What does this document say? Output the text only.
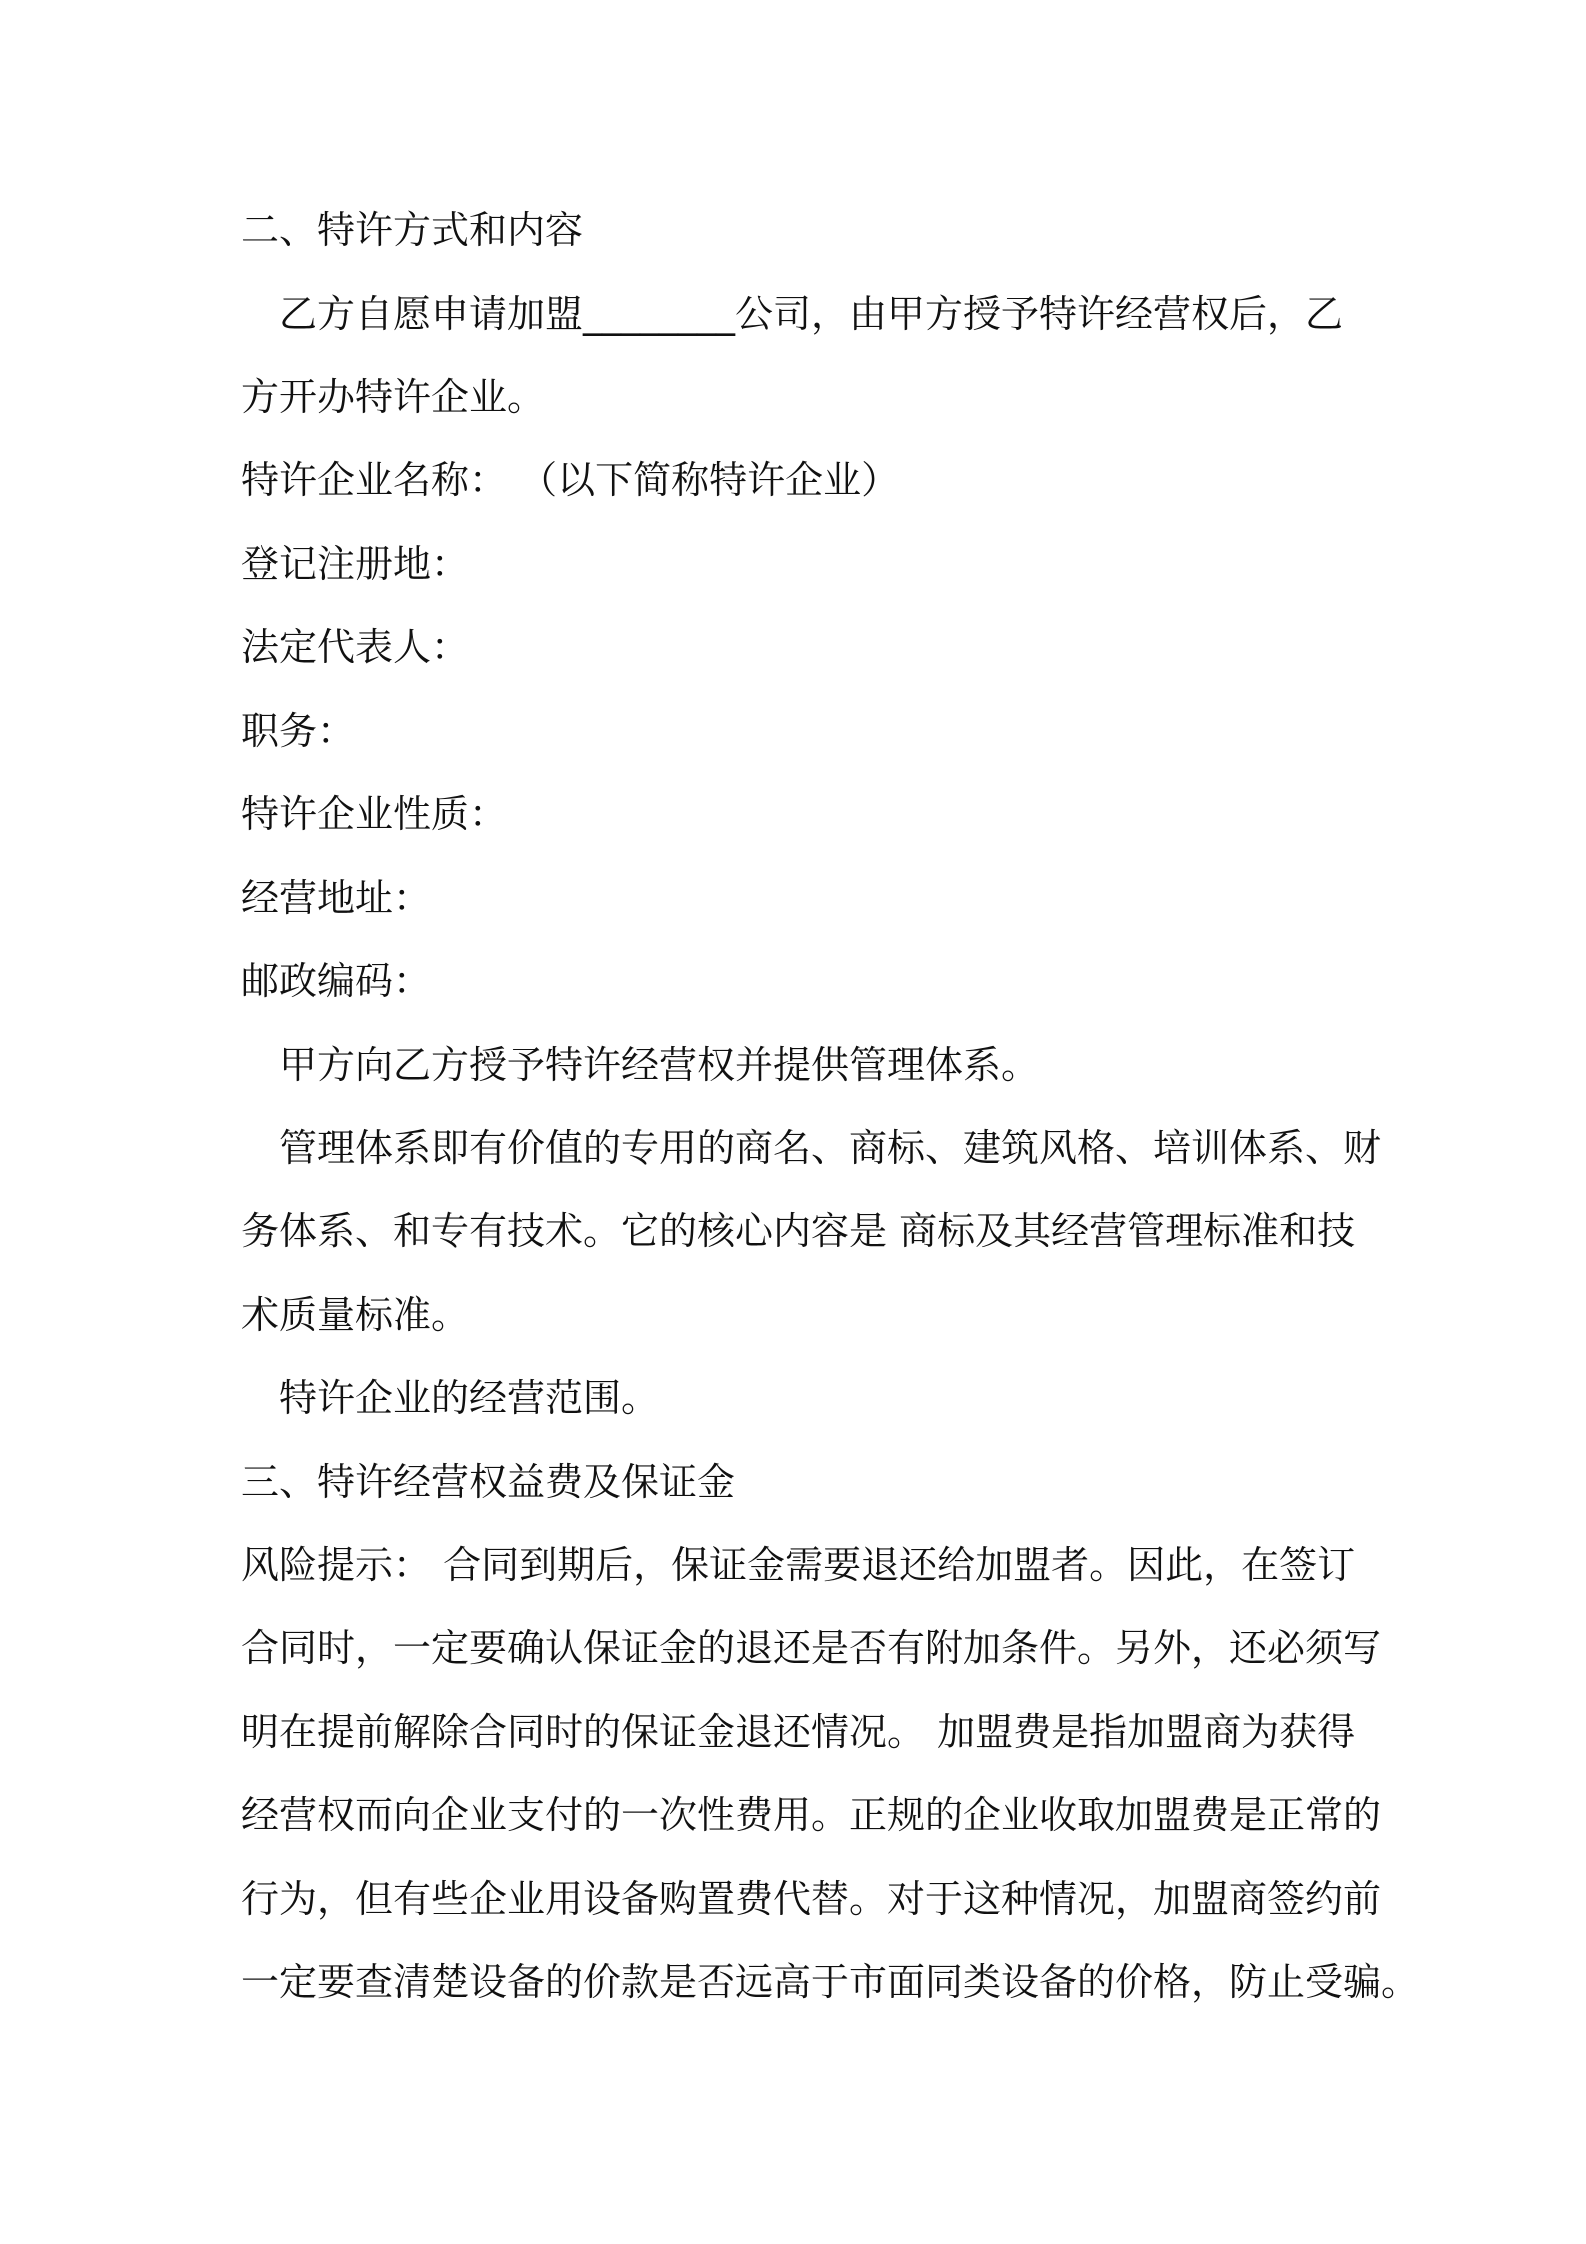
二、特许方式和内容
乙方自愿申请加盟________公司，由甲方授予特许经营权后，乙
方开办特许企业。
特许企业名称： （以下简称特许企业）
登记注册地：
法定代表人：
职务：
特许企业性质：
经营地址：
邮政编码：
甲方向乙方授予特许经营权并提供管理体系。
管理体系即有价值的专用的商名、商标、建筑风格、培训体系、财
务体系、和专有技术。它的核心内容是 商标及其经营管理标准和技
术质量标准。
特许企业的经营范围。
三、特许经营权益费及保证金
风险提示： 合同到期后，保证金需要退还给加盟者。因此，在签订
合同时，一定要确认保证金的退还是否有附加条件。另外，还必须写
明在提前解除合同时的保证金退还情况。 加盟费是指加盟商为获得
经营权而向企业支付的一次性费用。正规的企业收取加盟费是正常的
行为，但有些企业用设备购置费代替。对于这种情况，加盟商签约前
一定要查清楚设备的价款是否远高于市面同类设备的价格，防止受骗。
